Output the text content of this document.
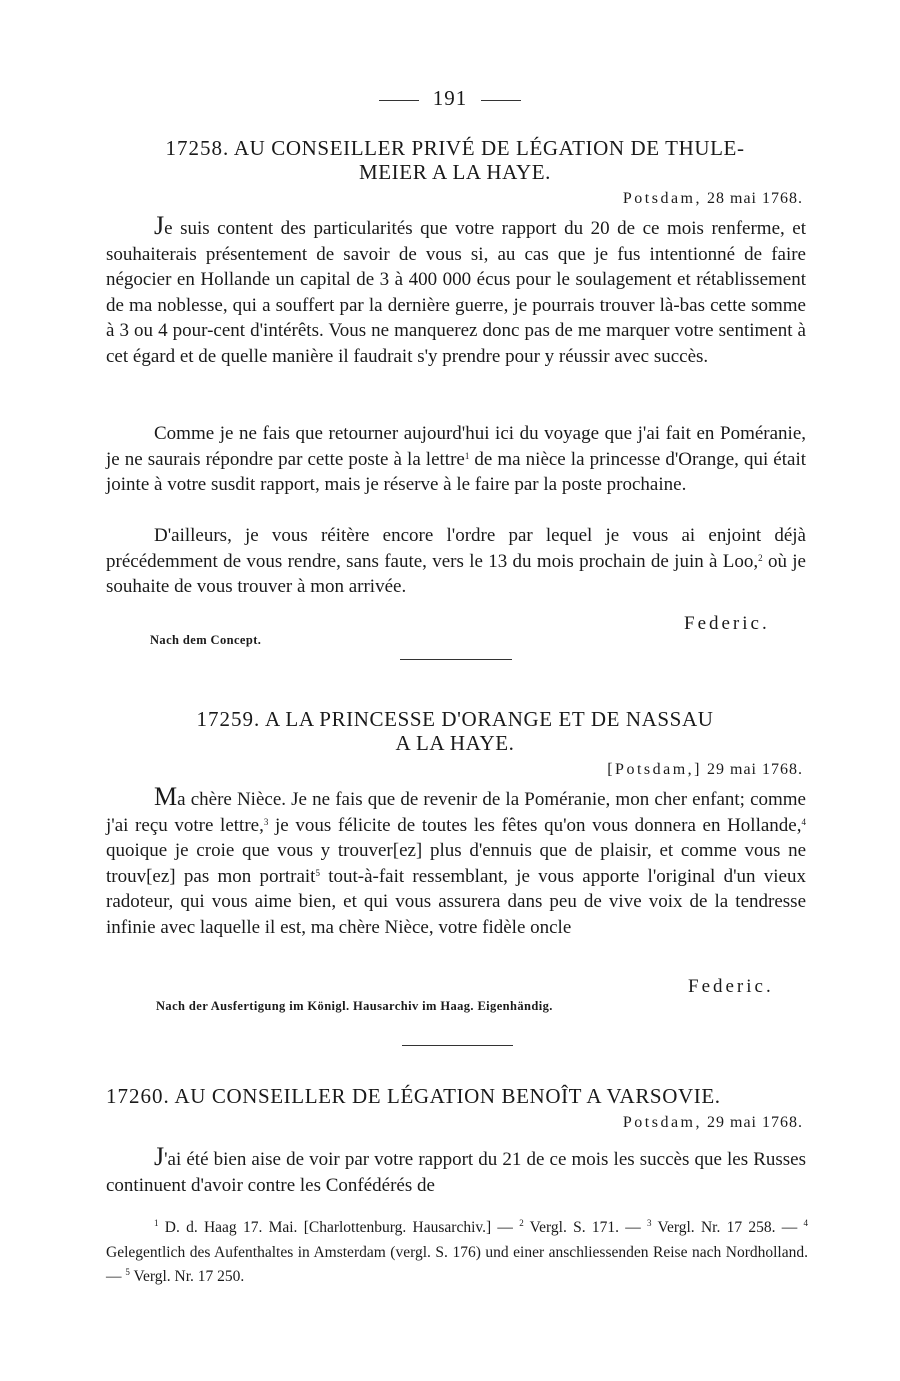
191
17258. AU CONSEILLER PRIVÉ DE LÉGATION DE THULE-
MEIER A LA HAYE.
Potsdam, 28 mai 1768.

Je suis content des particularités que votre rapport du 20 de ce mois renferme, et souhaiterais présentement de savoir de vous si, au cas que je fus intentionné de faire négocier en Hollande un capital de 3 à 400 000 écus pour le soulagement et rétablissement de ma noblesse, qui a souffert par la dernière guerre, je pourrais trouver là-bas cette somme à 3 ou 4 pour-cent d'intérêts. Vous ne manquerez donc pas de me marquer votre sentiment à cet égard et de quelle manière il faudrait s'y prendre pour y réussir avec succès.

Comme je ne fais que retourner aujourd'hui ici du voyage que j'ai fait en Poméranie, je ne saurais répondre par cette poste à la lettre$^1$ de ma nièce la princesse d'Orange, qui était jointe à votre susdit rapport, mais je réserve à le faire par la poste prochaine.

D'ailleurs, je vous réitère encore l'ordre par lequel je vous ai enjoint déjà précédemment de vous rendre, sans faute, vers le 13 du mois prochain de juin à Loo,$^2$ où je souhaite de vous trouver à mon arrivée.

Federic.
Nach dem Concept.
17259. A LA PRINCESSE D'ORANGE ET DE NASSAU
A LA HAYE.
[Potsdam,] 29 mai 1768.

Ma chère Nièce. Je ne fais que de revenir de la Poméranie, mon cher enfant; comme j'ai reçu votre lettre,$^3$ je vous félicite de toutes les fêtes qu'on vous donnera en Hollande,$^4$ quoique je croie que vous y trouver[ez] plus d'ennuis que de plaisir, et comme vous ne trouv[ez] pas mon portrait$^5$ tout-à-fait ressemblant, je vous apporte l'original d'un vieux radoteur, qui vous aime bien, et qui vous assurera dans peu de vive voix de la tendresse infinie avec laquelle il est, ma chère Nièce, votre fidèle oncle

Federic.
Nach der Ausfertigung im Königl. Hausarchiv im Haag. Eigenhändig.
17260. AU CONSEILLER DE LÉGATION BENOÎT A VARSOVIE.
Potsdam, 29 mai 1768.

J'ai été bien aise de voir par votre rapport du 21 de ce mois les succès que les Russes continuent d'avoir contre les Confédérés de

$^1$ D. d. Haag 17. Mai. [Charlottenburg. Hausarchiv.] — $^2$ Vergl. S. 171. — $^3$ Vergl. Nr. 17 258. — $^4$ Gelegentlich des Aufenthaltes in Amsterdam (vergl. S. 176) und einer anschliessenden Reise nach Nordholland. — $^5$ Vergl. Nr. 17 250.
